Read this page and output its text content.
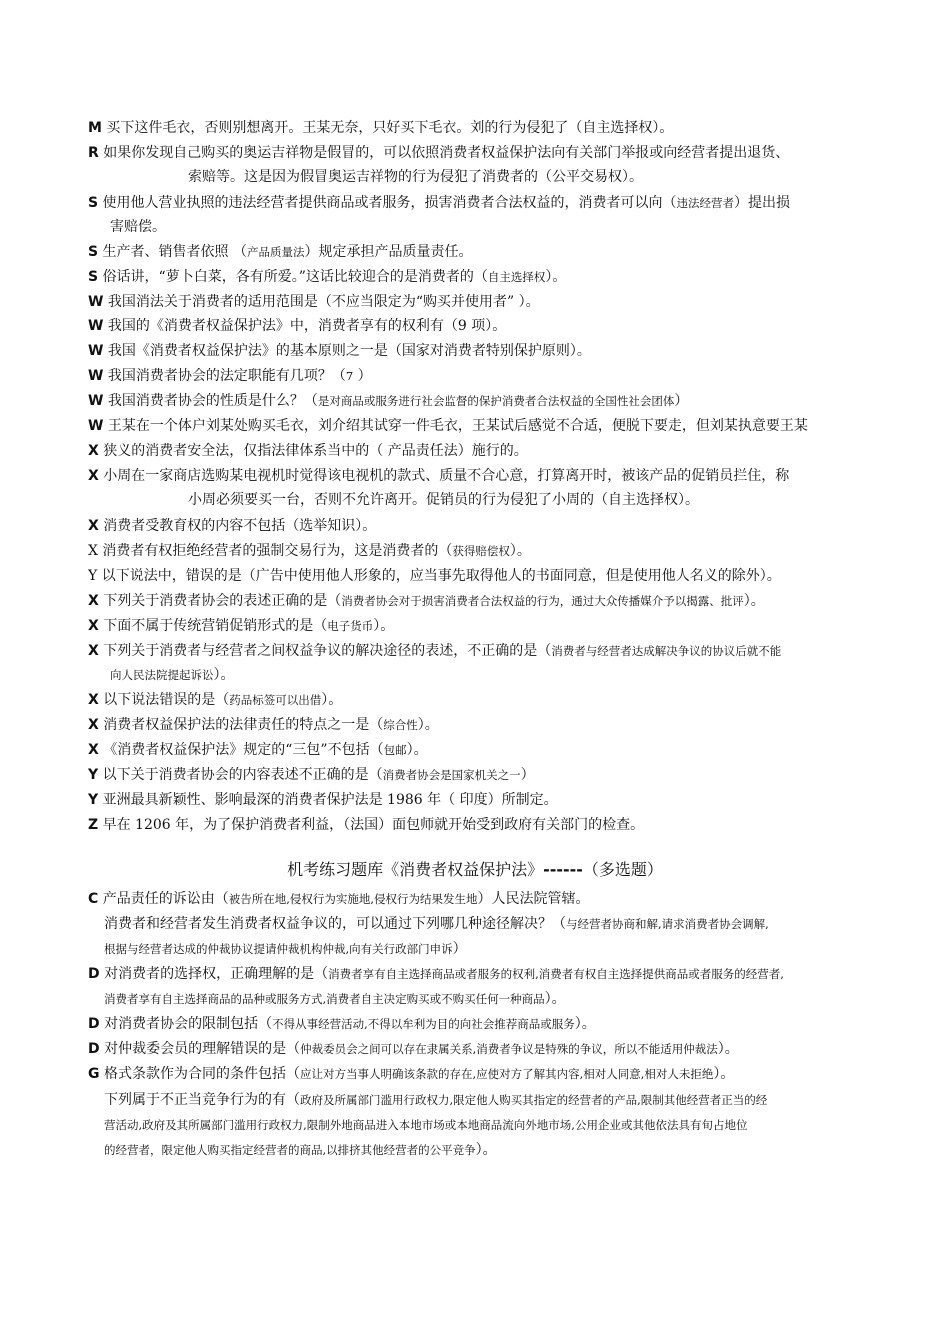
M 买下这件毛衣，否则别想离开。王某无奈，只好买下毛衣。刘的行为侵犯了（自主选择权）。
R 如果你发现自己购买的奥运吉祥物是假冒的，可以依照消费者权益保护法向有关部门举报或向经营者提出退货、
索赔等。这是因为假冒奥运吉祥物的行为侵犯了消费者的（公平交易权）。
S 使用他人营业执照的违法经营者提供商品或者服务，损害消费者合法权益的，消费者可以向（违法经营者）提出损
害赔偿。
S 生产者、销售者依照 （产品质量法）规定承担产品质量责任。
S 俗话讲，“萝卜白菜，各有所爱。”这话比较迎合的是消费者的（自主选择权）。
W 我国消法关于消费者的适用范围是（不应当限定为“购买并使用者” ）。
W 我国的《消费者权益保护法》中，消费者享有的权利有（9 项）。
W 我国《消费者权益保护法》的基本原则之一是（国家对消费者特别保护原则）。
W 我国消费者协会的法定职能有几项？（7 ）
W 我国消费者协会的性质是什么？（是对商品或服务进行社会监督的保护消费者合法权益的全国性社会团体）
W 王某在一个体户刘某处购买毛衣，刘介绍其试穿一件毛衣，王某试后感觉不合适，便脱下要走，但刘某执意要王某
X 狭义的消费者安全法，仅指法律体系当中的（ 产品责任法）施行的。
X 小周在一家商店选购某电视机时觉得该电视机的款式、质量不合心意，打算离开时，被该产品的促销员拦住，称
小周必须要买一台，否则不允许离开。促销员的行为侵犯了小周的（自主选择权）。
X 消费者受教育权的内容不包括（选举知识）。
X 消费者有权拒绝经营者的强制交易行为，这是消费者的（获得赔偿权）。
Y 以下说法中，错误的是（广告中使用他人形象的，应当事先取得他人的书面同意，但是使用他人名义的除外）。
X 下列关于消费者协会的表述正确的是（消费者协会对于损害消费者合法权益的行为，通过大众传播媒介予以揭露、批评）。
X 下面不属于传统营销促销形式的是（电子货币）。
X 下列关于消费者与经营者之间权益争议的解决途径的表述，不正确的是（消费者与经营者达成解决争议的协议后就不能
向人民法院提起诉讼）。
X 以下说法错误的是（药品标签可以出借）。
X 消费者权益保护法的法律责任的特点之一是（综合性）。
X 《消费者权益保护法》规定的“三包”不包括（包邮）。
Y 以下关于消费者协会的内容表述不正确的是（消费者协会是国家机关之一）
Y 亚洲最具新颖性、影响最深的消费者保护法是 1986 年（ 印度）所制定。
Z 早在 1206 年，为了保护消费者利益，（法国）面包师就开始受到政府有关部门的检查。
机考练习题库《消费者权益保护法》------（多选题）
C 产品责任的诉讼由（被告所在地,侵权行为实施地,侵权行为结果发生地）人民法院管辖。
消费者和经营者发生消费者权益争议的，可以通过下列哪几种途径解决？（与经营者协商和解,请求消费者协会调解,
根据与经营者达成的仲裁协议提请仲裁机构仲裁,向有关行政部门申诉）
D 对消费者的选择权，正确理解的是（消费者享有自主选择商品或者服务的权利,消费者有权自主选择提供商品或者服务的经营者,
消费者享有自主选择商品的品种或服务方式,消费者自主决定购买或不购买任何一种商品）。
D 对消费者协会的限制包括（不得从事经营活动,不得以牟利为目的向社会推荐商品或服务）。
D 对仲裁委会员的理解错误的是（仲裁委员会之间可以存在隶属关系,消费者争议是特殊的争议，所以不能适用仲裁法）。
G 格式条款作为合同的条件包括（应让对方当事人明确该条款的存在,应使对方了解其内容,相对人同意,相对人未拒绝）。
下列属于不正当竞争行为的有（政府及所属部门滥用行政权力,限定他人购买其指定的经营者的产品,限制其他经营者正当的经
营活动,政府及其所属部门滥用行政权力,限制外地商品进入本地市场或本地商品流向外地市场,公用企业或其他依法具有旬占地位
的经营者，限定他人购买指定经营者的商品,以排挤其他经营者的公平竞争）。
